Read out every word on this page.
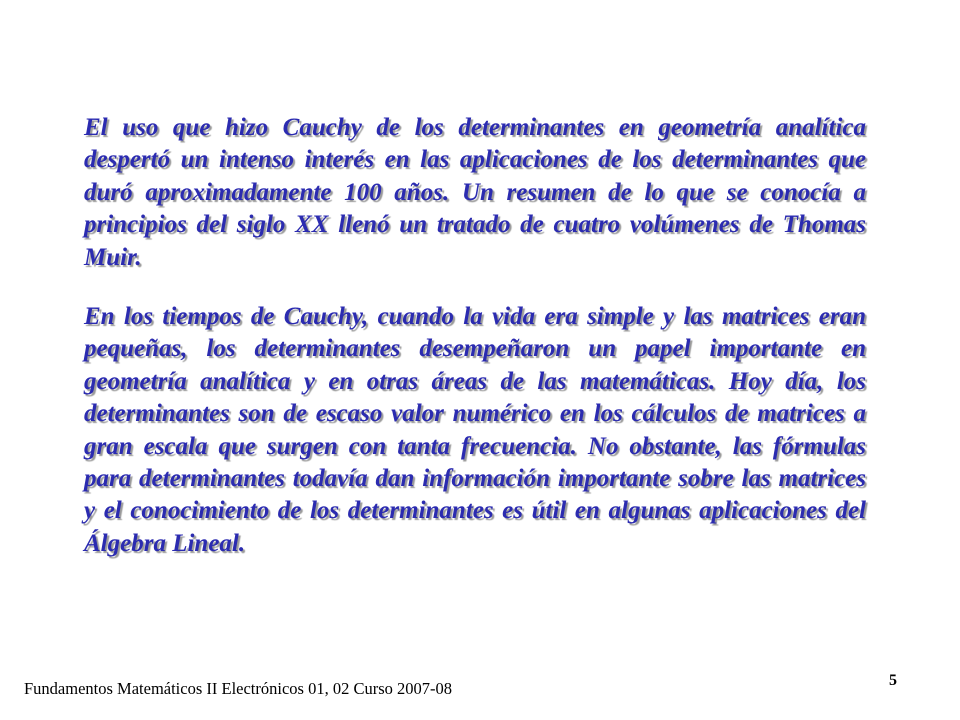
El uso que hizo Cauchy de los determinantes en geometría analítica despertó un intenso interés en las aplicaciones de los determinantes que duró aproximadamente 100 años. Un resumen de lo que se conocía a principios del siglo XX llenó un tratado de cuatro volúmenes de Thomas Muir.

En los tiempos de Cauchy, cuando la vida era simple y las matrices eran pequeñas, los determinantes desempeñaron un papel importante en geometría analítica y en otras áreas de las matemáticas. Hoy día, los determinantes son de escaso valor numérico en los cálculos de matrices a gran escala que surgen con tanta frecuencia. No obstante, las fórmulas para determinantes todavía dan información importante sobre las matrices y el conocimiento de los determinantes es útil en algunas aplicaciones del Álgebra Lineal.

Fundamentos Matemáticos II Electrónicos 01, 02 Curso 2007-08	5
